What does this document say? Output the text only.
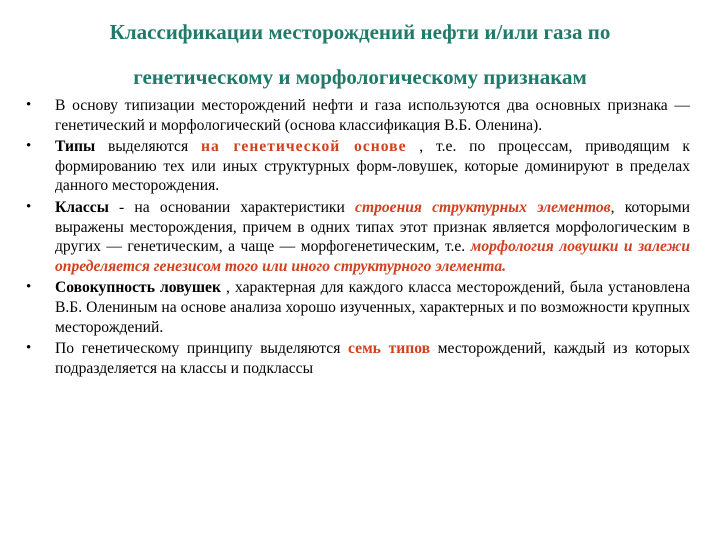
Классификации месторождений нефти и/или газа по
генетическому и морфологическому признакам
• В основу типизации месторождений нефти и газа используются два основных признака — генетический и морфологический (основа классификация В.Б. Оленина).
• Типы выделяются на генетической основе , т.е. по процессам, приводящим к формированию тех или иных структурных форм-ловушек, которые доминируют в пределах данного месторождения.
• Классы - на основании характеристики строения структурных элементов, которыми выражены месторождения, причем в одних типах этот признак является морфологическим в других — генетическим, а чаще — морфогенетическим, т.е. морфология ловушки и залежи определяется генезисом того или иного структурного элемента.
• Совокупность ловушек , характерная для каждого класса месторождений, была установлена В.Б. Олениным на основе анализа хорошо изученных, характерных и по возможности крупных месторождений.
• По генетическому принципу выделяются семь типов месторождений, каждый из которых подразделяется на классы и подклассы
